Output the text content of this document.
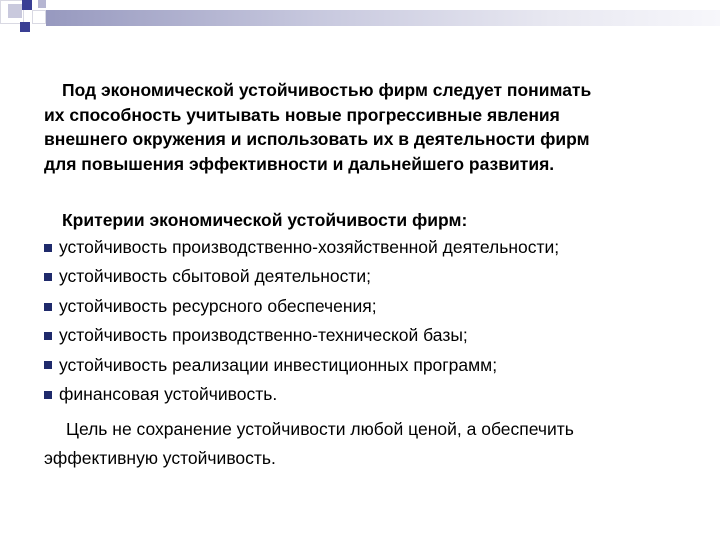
Под экономической устойчивостью фирм следует понимать
их способность учитывать новые прогрессивные явления
внешнего окружения и использовать их в деятельности фирм
для повышения эффективности и дальнейшего развития.

Критерии экономической устойчивости фирм:

устойчивость производственно-хозяйственной деятельности;
устойчивость сбытовой деятельности;
устойчивость ресурсного обеспечения;
устойчивость производственно-технической базы;
устойчивость реализации инвестиционных программ;
финансовая устойчивость.

Цель не сохранение устойчивости любой ценой, а обеспечить
эффективную устойчивость.
